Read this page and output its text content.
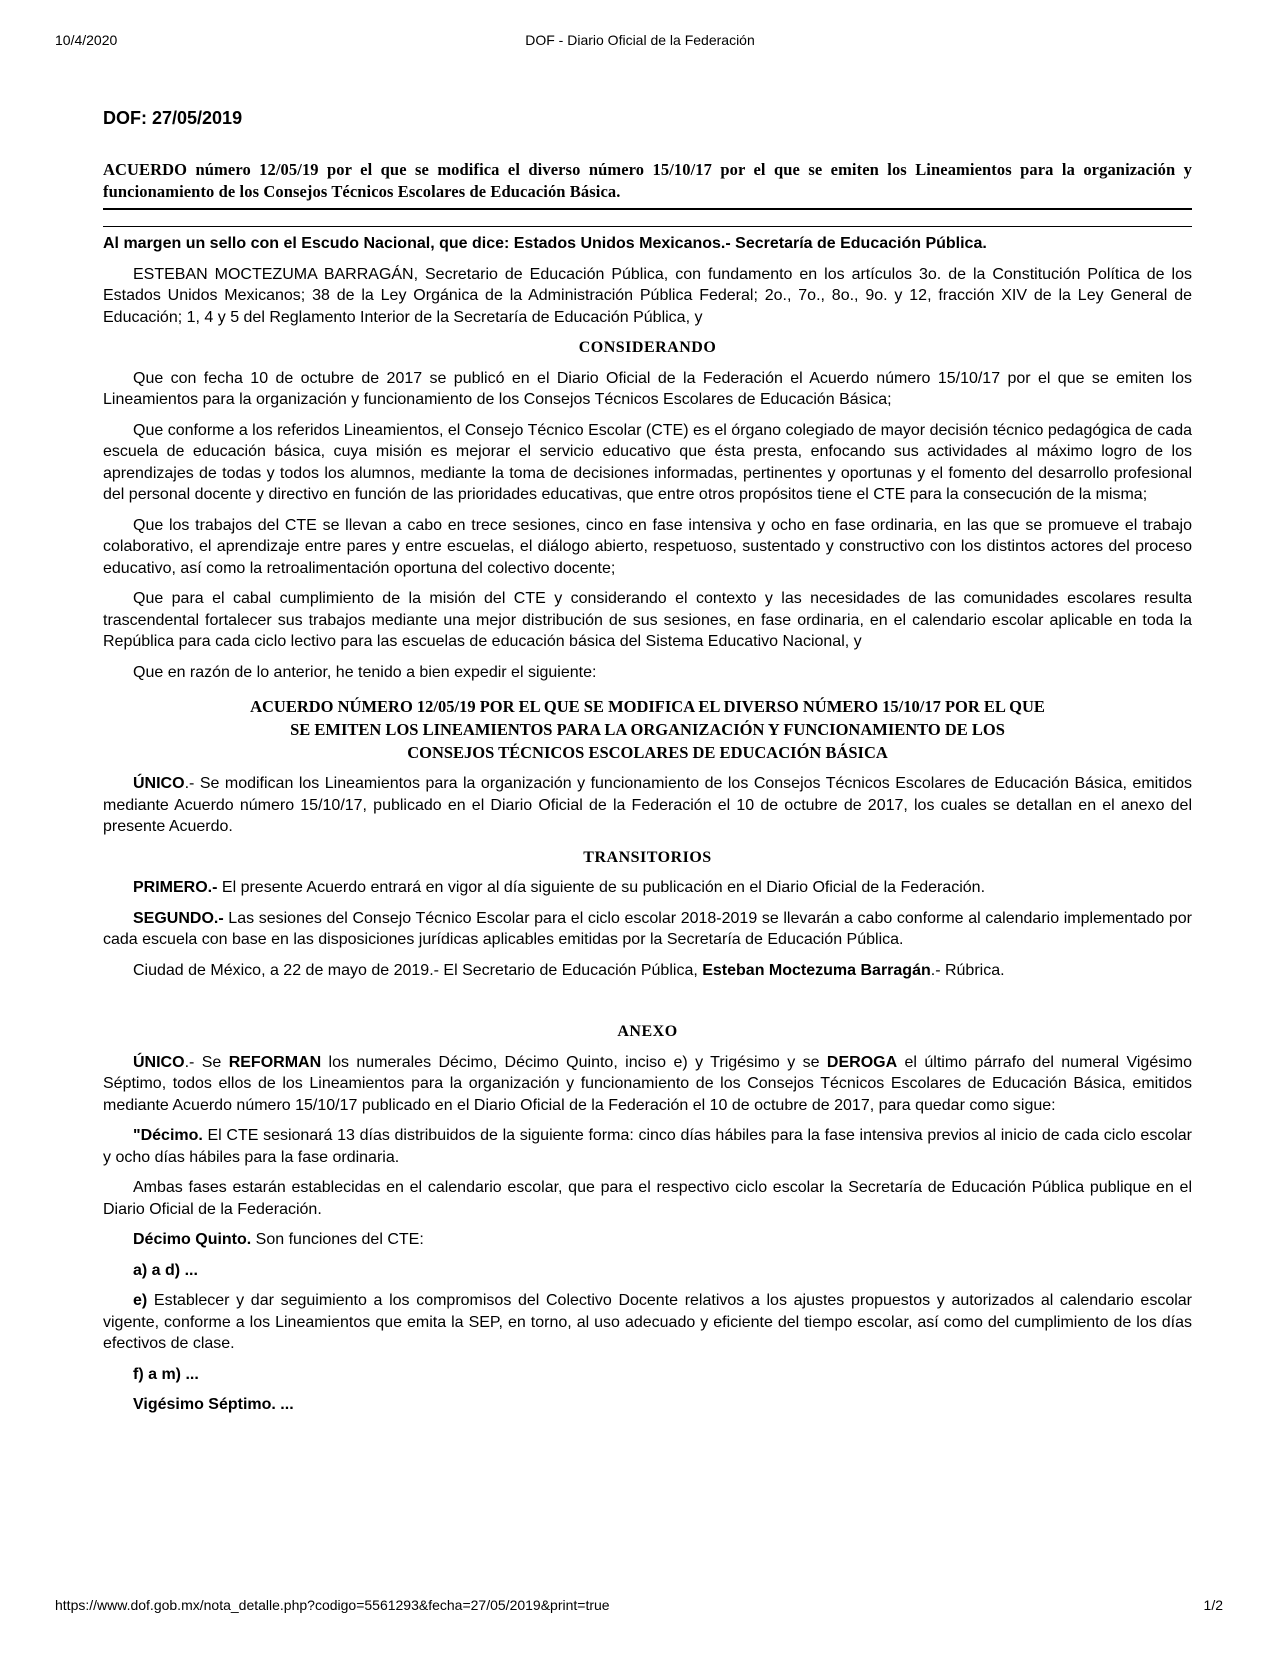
10/4/2020	DOF - Diario Oficial de la Federación
DOF: 27/05/2019
ACUERDO número 12/05/19 por el que se modifica el diverso número 15/10/17 por el que se emiten los Lineamientos para la organización y funcionamiento de los Consejos Técnicos Escolares de Educación Básica.

Al margen un sello con el Escudo Nacional, que dice: Estados Unidos Mexicanos.- Secretaría de Educación Pública.

ESTEBAN MOCTEZUMA BARRAGÁN, Secretario de Educación Pública, con fundamento en los artículos 3o. de la Constitución Política de los Estados Unidos Mexicanos; 38 de la Ley Orgánica de la Administración Pública Federal; 2o., 7o., 8o., 9o. y 12, fracción XIV de la Ley General de Educación; 1, 4 y 5 del Reglamento Interior de la Secretaría de Educación Pública, y

CONSIDERANDO

Que con fecha 10 de octubre de 2017 se publicó en el Diario Oficial de la Federación el Acuerdo número 15/10/17 por el que se emiten los Lineamientos para la organización y funcionamiento de los Consejos Técnicos Escolares de Educación Básica;

Que conforme a los referidos Lineamientos, el Consejo Técnico Escolar (CTE) es el órgano colegiado de mayor decisión técnico pedagógica de cada escuela de educación básica, cuya misión es mejorar el servicio educativo que ésta presta, enfocando sus actividades al máximo logro de los aprendizajes de todas y todos los alumnos, mediante la toma de decisiones informadas, pertinentes y oportunas y el fomento del desarrollo profesional del personal docente y directivo en función de las prioridades educativas, que entre otros propósitos tiene el CTE para la consecución de la misma;

Que los trabajos del CTE se llevan a cabo en trece sesiones, cinco en fase intensiva y ocho en fase ordinaria, en las que se promueve el trabajo colaborativo, el aprendizaje entre pares y entre escuelas, el diálogo abierto, respetuoso, sustentado y constructivo con los distintos actores del proceso educativo, así como la retroalimentación oportuna del colectivo docente;

Que para el cabal cumplimiento de la misión del CTE y considerando el contexto y las necesidades de las comunidades escolares resulta trascendental fortalecer sus trabajos mediante una mejor distribución de sus sesiones, en fase ordinaria, en el calendario escolar aplicable en toda la República para cada ciclo lectivo para las escuelas de educación básica del Sistema Educativo Nacional, y

Que en razón de lo anterior, he tenido a bien expedir el siguiente:

ACUERDO NÚMERO 12/05/19 POR EL QUE SE MODIFICA EL DIVERSO NÚMERO 15/10/17 POR EL QUE
SE EMITEN LOS LINEAMIENTOS PARA LA ORGANIZACIÓN Y FUNCIONAMIENTO DE LOS
CONSEJOS TÉCNICOS ESCOLARES DE EDUCACIÓN BÁSICA

ÚNICO.- Se modifican los Lineamientos para la organización y funcionamiento de los Consejos Técnicos Escolares de Educación Básica, emitidos mediante Acuerdo número 15/10/17, publicado en el Diario Oficial de la Federación el 10 de octubre de 2017, los cuales se detallan en el anexo del presente Acuerdo.

TRANSITORIOS

PRIMERO.- El presente Acuerdo entrará en vigor al día siguiente de su publicación en el Diario Oficial de la Federación.

SEGUNDO.- Las sesiones del Consejo Técnico Escolar para el ciclo escolar 2018-2019 se llevarán a cabo conforme al calendario implementado por cada escuela con base en las disposiciones jurídicas aplicables emitidas por la Secretaría de Educación Pública.

Ciudad de México, a 22 de mayo de 2019.- El Secretario de Educación Pública, Esteban Moctezuma Barragán.- Rúbrica.

ANEXO

ÚNICO.- Se REFORMAN los numerales Décimo, Décimo Quinto, inciso e) y Trigésimo y se DEROGA el último párrafo del numeral Vigésimo Séptimo, todos ellos de los Lineamientos para la organización y funcionamiento de los Consejos Técnicos Escolares de Educación Básica, emitidos mediante Acuerdo número 15/10/17 publicado en el Diario Oficial de la Federación el 10 de octubre de 2017, para quedar como sigue:

"Décimo. El CTE sesionará 13 días distribuidos de la siguiente forma: cinco días hábiles para la fase intensiva previos al inicio de cada ciclo escolar y ocho días hábiles para la fase ordinaria.

Ambas fases estarán establecidas en el calendario escolar, que para el respectivo ciclo escolar la Secretaría de Educación Pública publique en el Diario Oficial de la Federación.

Décimo Quinto. Son funciones del CTE:

a) a d) ...

e) Establecer y dar seguimiento a los compromisos del Colectivo Docente relativos a los ajustes propuestos y autorizados al calendario escolar vigente, conforme a los Lineamientos que emita la SEP, en torno, al uso adecuado y eficiente del tiempo escolar, así como del cumplimiento de los días efectivos de clase.

f) a m) ...

Vigésimo Séptimo. ...

https://www.dof.gob.mx/nota_detalle.php?codigo=5561293&fecha=27/05/2019&print=true	1/2
